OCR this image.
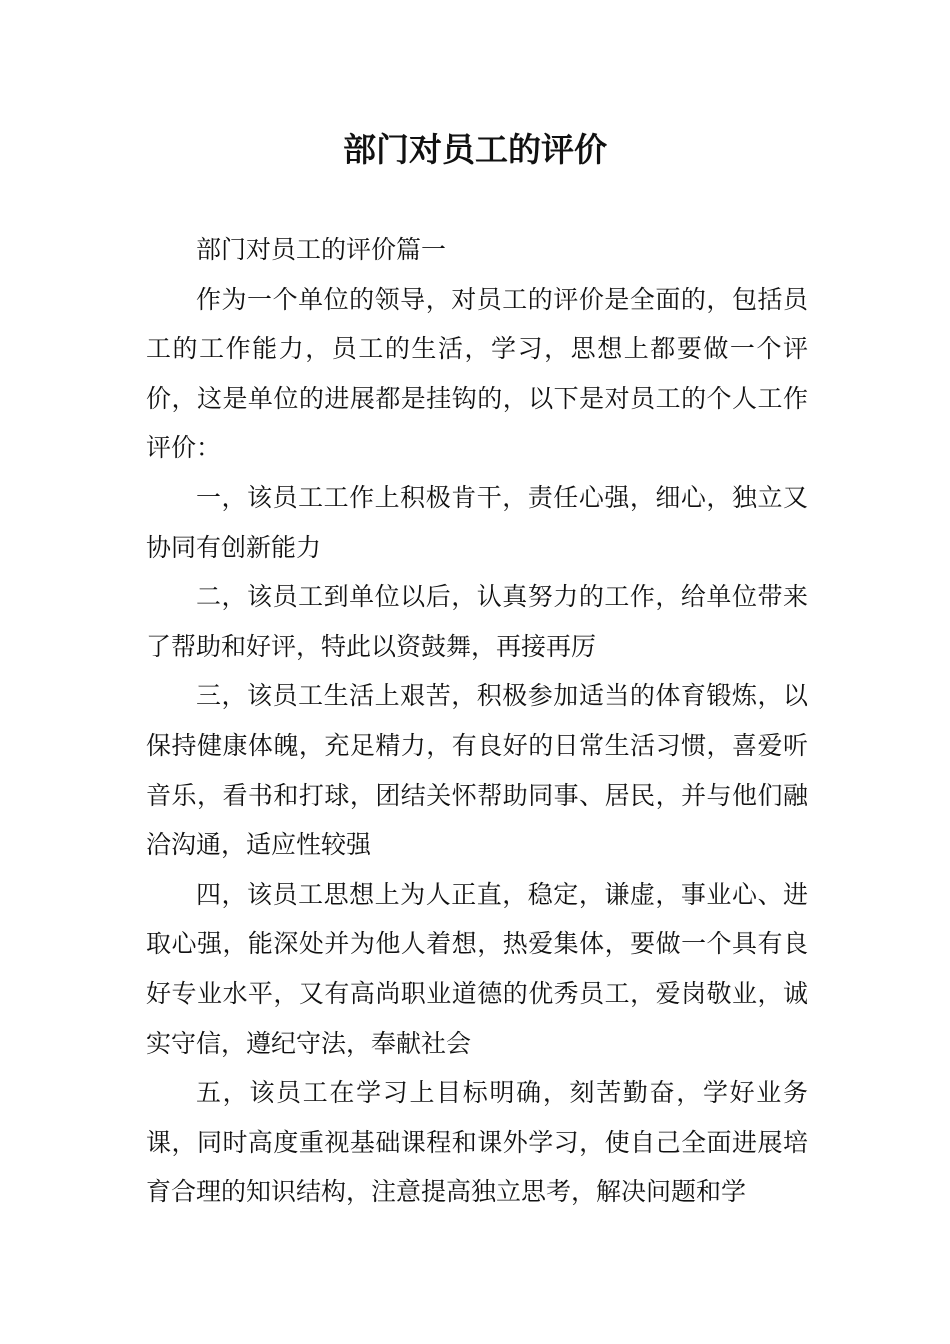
部门对员工的评价

部门对员工的评价篇一

作为一个单位的领导，对员工的评价是全面的，包括员工的工作能力，员工的生活，学习，思想上都要做一个评价，这是单位的进展都是挂钩的，以下是对员工的个人工作评价：

一，该员工工作上积极肯干，责任心强，细心，独立又协同有创新能力

二，该员工到单位以后，认真努力的工作，给单位带来了帮助和好评，特此以资鼓舞，再接再厉

三，该员工生活上艰苦，积极参加适当的体育锻炼，以保持健康体魄，充足精力，有良好的日常生活习惯，喜爱听音乐，看书和打球，团结关怀帮助同事、居民，并与他们融洽沟通，适应性较强

四，该员工思想上为人正直，稳定，谦虚，事业心、进取心强，能深处并为他人着想，热爱集体，要做一个具有良好专业水平，又有高尚职业道德的优秀员工，爱岗敬业，诚实守信，遵纪守法，奉献社会

五，该员工在学习上目标明确，刻苦勤奋，学好业务课，同时高度重视基础课程和课外学习，使自己全面进展培育合理的知识结构，注意提高独立思考，解决问题和学
